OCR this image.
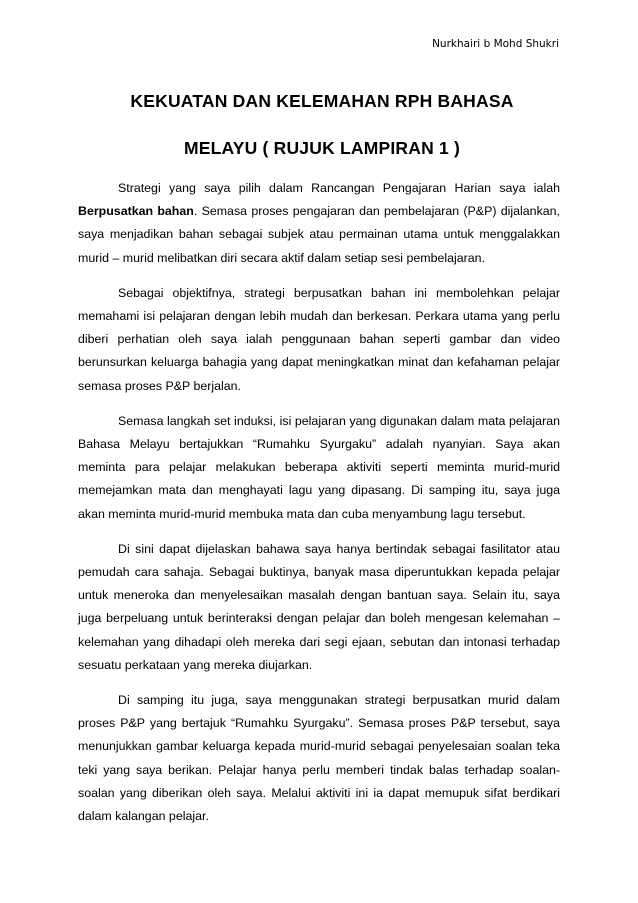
Nurkhairi b Mohd Shukri
KEKUATAN DAN KELEMAHAN RPH BAHASA
MELAYU ( RUJUK LAMPIRAN 1 )

Strategi yang saya pilih dalam Rancangan Pengajaran Harian saya ialah Berpusatkan bahan. Semasa proses pengajaran dan pembelajaran (P&P) dijalankan, saya menjadikan bahan sebagai subjek atau permainan utama untuk menggalakkan murid – murid melibatkan diri secara aktif dalam setiap sesi pembelajaran.

Sebagai objektifnya, strategi berpusatkan bahan ini membolehkan pelajar memahami isi pelajaran dengan lebih mudah dan berkesan. Perkara utama yang perlu diberi perhatian oleh saya ialah penggunaan bahan seperti gambar dan video berunsurkan keluarga bahagia yang dapat meningkatkan minat dan kefahaman pelajar semasa proses P&P berjalan.

Semasa langkah set induksi, isi pelajaran yang digunakan dalam mata pelajaran Bahasa Melayu bertajukkan “Rumahku Syurgaku” adalah nyanyian. Saya akan meminta para pelajar melakukan beberapa aktiviti seperti meminta murid-murid memejamkan mata dan menghayati lagu yang dipasang. Di samping itu, saya juga akan meminta murid-murid membuka mata dan cuba menyambung lagu tersebut.

Di sini dapat dijelaskan bahawa saya hanya bertindak sebagai fasilitator atau pemudah cara sahaja. Sebagai buktinya, banyak masa diperuntukkan kepada pelajar untuk meneroka dan menyelesaikan masalah dengan bantuan saya. Selain itu, saya juga berpeluang untuk berinteraksi dengan pelajar dan boleh mengesan kelemahan –kelemahan yang dihadapi oleh mereka dari segi ejaan, sebutan dan intonasi terhadap sesuatu perkataan yang mereka diujarkan.

Di samping itu juga, saya menggunakan strategi berpusatkan murid dalam proses P&P yang bertajuk “Rumahku Syurgaku”. Semasa proses P&P tersebut, saya menunjukkan gambar keluarga kepada murid-murid sebagai penyelesaian soalan teka teki yang saya berikan. Pelajar hanya perlu memberi tindak balas terhadap soalan-soalan yang diberikan oleh saya. Melalui aktiviti ini ia dapat memupuk sifat berdikari dalam kalangan pelajar.
